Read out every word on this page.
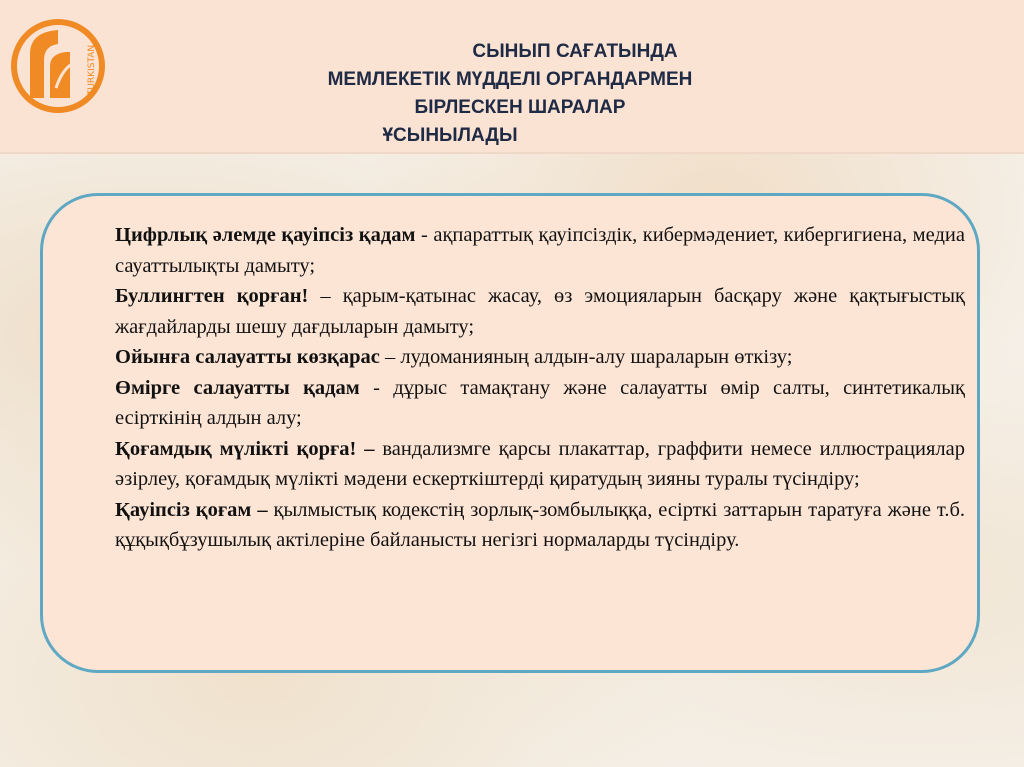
TURKISTAN	СЫНЫП САҒАТЫНДА
МЕМЛЕКЕТІК МҮДДЕЛІ ОРГАНДАРМЕН
БІРЛЕСКЕН ШАРАЛАР
ҰСЫНЫЛАДЫ

Цифрлық әлемде қауіпсіз қадам - ақпараттық қауіпсіздік, кибермәдениет, кибергигиена, медиа сауаттылықты дамыту;

Буллингтен қорған! – қарым-қатынас жасау, өз эмоцияларын басқару және қақтығыстық жағдайларды шешу дағдыларын дамыту;

Ойынға салауатты көзқарас – лудоманияның алдын-алу шараларын өткізу;

Өмірге салауатты қадам - дұрыс тамақтану және салауатты өмір салты, синтетикалық есірткінің алдын алу;

Қоғамдық мүлікті қорға! – вандализмге қарсы плакаттар, граффити немесе иллюстрациялар әзірлеу, қоғамдық мүлікті мәдени ескерткіштерді қиратудың зияны туралы түсіндіру;

Қауіпсіз қоғам – қылмыстық кодекстің зорлық-зомбылыққа, есірткі заттарын таратуға және т.б. құқықбұзушылық актілеріне байланысты негізгі нормаларды түсіндіру.
